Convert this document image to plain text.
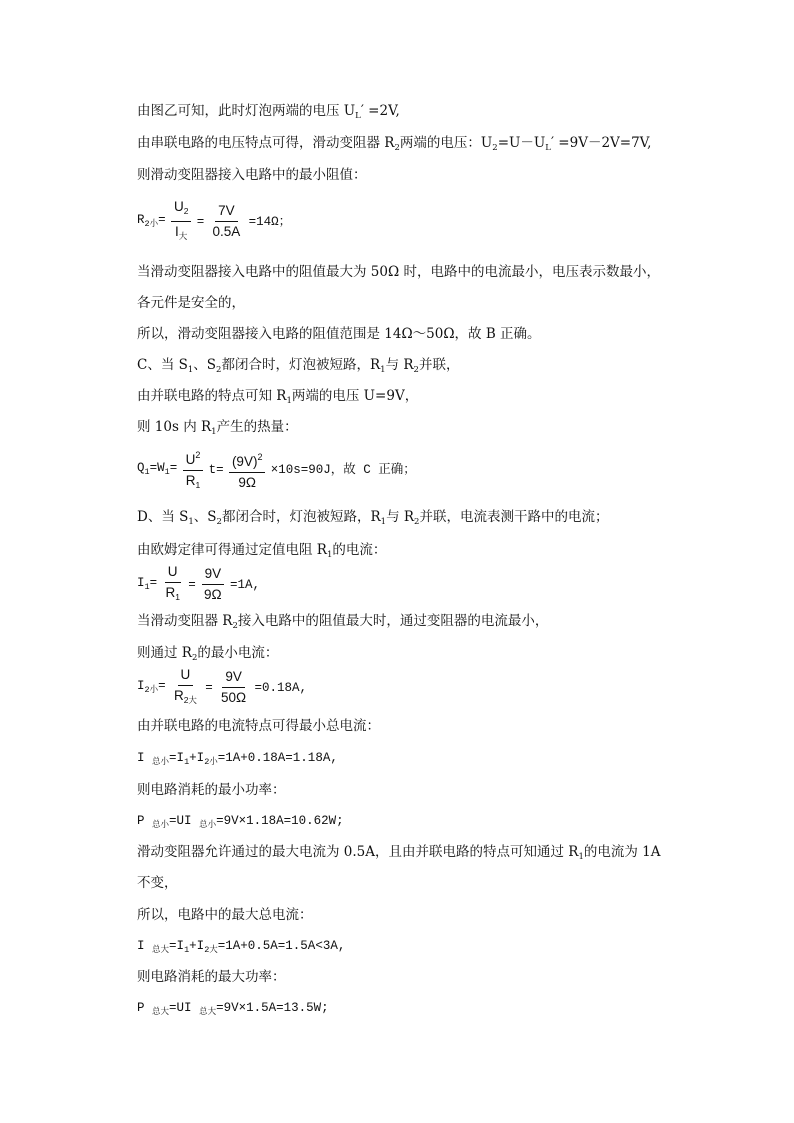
由图乙可知，此时灯泡两端的电压 $U_L' =2V$,
由串联电路的电压特点可得，滑动变阻器 $R_2$两端的电压：$U_2=U-U_L' =9V-2V=7V$,
则滑动变阻器接入电路中的最小阻值：
$R_{2小}= \frac{U_2}{I_大} = \frac{7V}{0.5A} =14\Omega$；
当滑动变阻器接入电路中的阻值最大为 50Ω 时，电路中的电流最小，电压表示数最小，
各元件是安全的，
所以，滑动变阻器接入电路的阻值范围是 14Ω～50Ω，故 B 正确。
C、当 $S_1$、$S_2$都闭合时，灯泡被短路，$R_1$与 $R_2$并联，
由并联电路的特点可知 $R_1$两端的电压 U=9V，
则 10s 内 $R_1$产生的热量：
$Q_1=W_1= \frac{U^2}{R_1} t= \frac{(9V)^2}{9\Omega} \times 10s=90J$，故 C 正确；
D、当 $S_1$、$S_2$都闭合时，灯泡被短路，$R_1$与 $R_2$并联，电流表测干路中的电流；
由欧姆定律可得通过定值电阻 $R_1$的电流：
$I_1= \frac{U}{R_1} = \frac{9V}{9\Omega} =1A$,
当滑动变阻器 $R_2$接入电路中的阻值最大时，通过变阻器的电流最小，
则通过 $R_2$的最小电流：
$I_{2小}= \frac{U}{R_{2大}} = \frac{9V}{50\Omega} =0.18A$,
由并联电路的电流特点可得最小总电流：
I $_{总小}=I_1+I_{2小}=1A+0.18A=1.18A$,
则电路消耗的最小功率：
P $_{总小}$=UI $_{总小}$=9V×1.18A=10.62W;
滑动变阻器允许通过的最大电流为 0.5A，且由并联电路的特点可知通过 $R_1$的电流为 1A
不变，
所以，电路中的最大总电流：
I $_{总大}=I_1+I_{2大}=1A+0.5A=1.5A<3A$,
则电路消耗的最大功率：
P $_{总大}$=UI $_{总大}$=9V×1.5A=13.5W;
